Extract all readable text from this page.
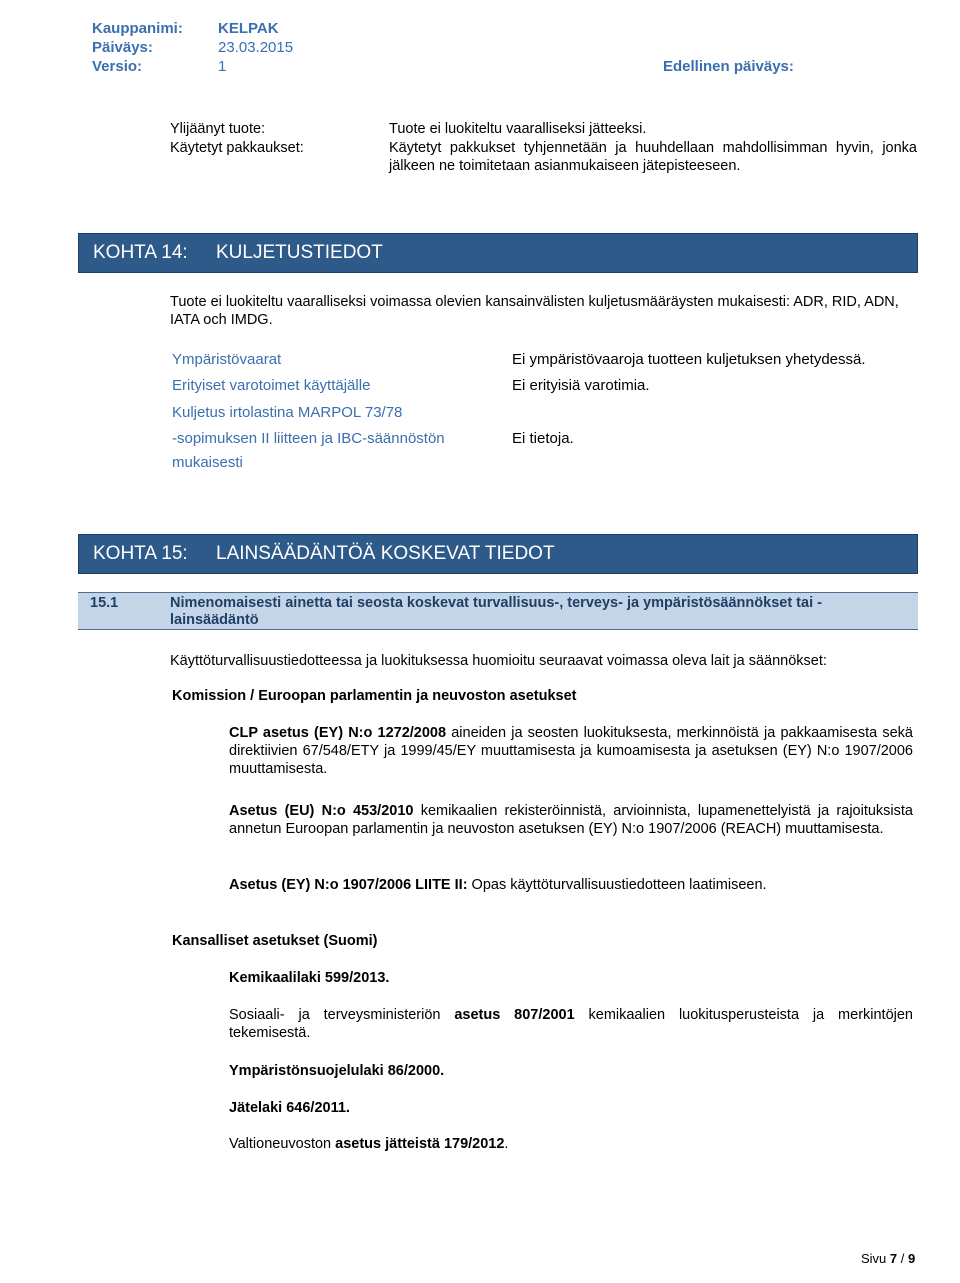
Kauppanimi: KELPAK
Päiväys:	23.03.2015
Versio:	1	Edellinen päiväys:
Ylijäänyt tuote:	Tuote ei luokiteltu vaaralliseksi jätteeksi.
Käytetyt pakkaukset:	Käytetyt pakkukset tyhjennetään ja huuhdellaan mahdollisimman hyvin, jonka jälkeen ne toimitetaan asianmukaiseen jätepisteeseen.
KOHTA 14: KULJETUSTIEDOT
Tuote ei luokiteltu vaaralliseksi voimassa olevien kansainvälisten kuljetusmääräysten mukaisesti: ADR, RID, ADN, IATA och IMDG.
Ympäristövaarat	Ei ympäristövaaroja tuotteen kuljetuksen yhetydessä.
Erityiset varotoimet käyttäjälle	Ei erityisiä varotimia.
Kuljetus irtolastina MARPOL 73/78
-sopimuksen II liitteen ja IBC-säännöstön	Ei tietoja.
mukaisesti
KOHTA 15: LAINSÄÄDÄNTÖÄ KOSKEVAT TIEDOT
15.1	Nimenomaisesti ainetta tai seosta koskevat turvallisuus-, terveys- ja ympäristösäännökset tai -lainsäädäntö
Käyttöturvallisuustiedotteessa ja luokituksessa huomioitu seuraavat voimassa oleva lait ja säännökset:
Komission / Euroopan parlamentin ja neuvoston asetukset
CLP asetus (EY) N:o 1272/2008 aineiden ja seosten luokituksesta, merkinnöistä ja pakkaamisesta sekä direktiivien 67/548/ETY ja 1999/45/EY muuttamisesta ja kumoamisesta ja asetuksen (EY) N:o 1907/2006 muuttamisesta.
Asetus (EU) N:o 453/2010 kemikaalien rekisteröinnistä, arvioinnista, lupamenettelyistä ja rajoituksista annetun Euroopan parlamentin ja neuvoston asetuksen (EY) N:o 1907/2006 (REACH) muuttamisesta.
Asetus (EY) N:o 1907/2006 LIITE II: Opas käyttöturvallisuustiedotteen laatimiseen.
Kansalliset asetukset (Suomi)
Kemikaalilaki 599/2013.
Sosiaali- ja terveysministeriön asetus 807/2001 kemikaalien luokitusperusteista ja merkintöjen tekemisestä.
Ympäristönsuojelulaki 86/2000.
Jätelaki 646/2011.
Valtioneuvoston asetus jätteistä 179/2012.
Sivu 7 / 9
